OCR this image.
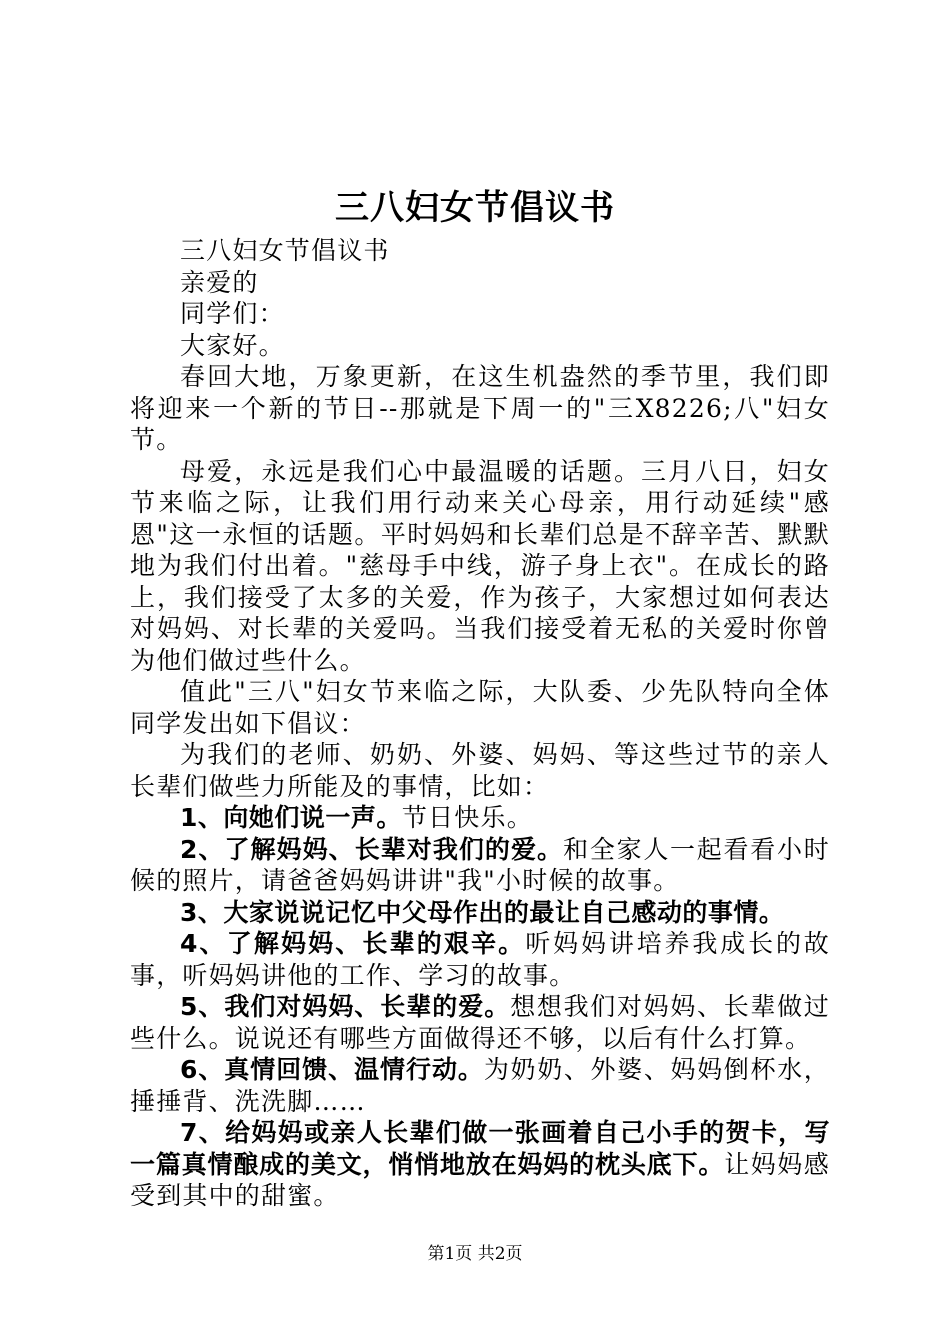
三八妇女节倡议书

三八妇女节倡议书

亲爱的

同学们：

大家好。

春回大地，万象更新，在这生机盎然的季节里，我们即将迎来一个新的节日--那就是下周一的"三X8226;八"妇女节。

母爱，永远是我们心中最温暖的话题。三月八日，妇女节来临之际，让我们用行动来关心母亲，用行动延续"感恩"这一永恒的话题。平时妈妈和长辈们总是不辞辛苦、默默地为我们付出着。"慈母手中线，游子身上衣"。在成长的路上，我们接受了太多的关爱，作为孩子，大家想过如何表达对妈妈、对长辈的关爱吗。当我们接受着无私的关爱时你曾为他们做过些什么。

值此"三八"妇女节来临之际，大队委、少先队特向全体同学发出如下倡议：

为我们的老师、奶奶、外婆、妈妈、等这些过节的亲人长辈们做些力所能及的事情，比如：

1、向她们说一声。节日快乐。

2、了解妈妈、长辈对我们的爱。和全家人一起看看小时候的照片，请爸爸妈妈讲讲"我"小时候的故事。

3、大家说说记忆中父母作出的最让自己感动的事情。

4、了解妈妈、长辈的艰辛。听妈妈讲培养我成长的故事，听妈妈讲他的工作、学习的故事。

5、我们对妈妈、长辈的爱。想想我们对妈妈、长辈做过些什么。说说还有哪些方面做得还不够，以后有什么打算。

6、真情回馈、温情行动。为奶奶、外婆、妈妈倒杯水，捶捶背、洗洗脚……

7、给妈妈或亲人长辈们做一张画着自己小手的贺卡，写一篇真情酿成的美文，悄悄地放在妈妈的枕头底下。让妈妈感受到其中的甜蜜。

第1页 共2页
